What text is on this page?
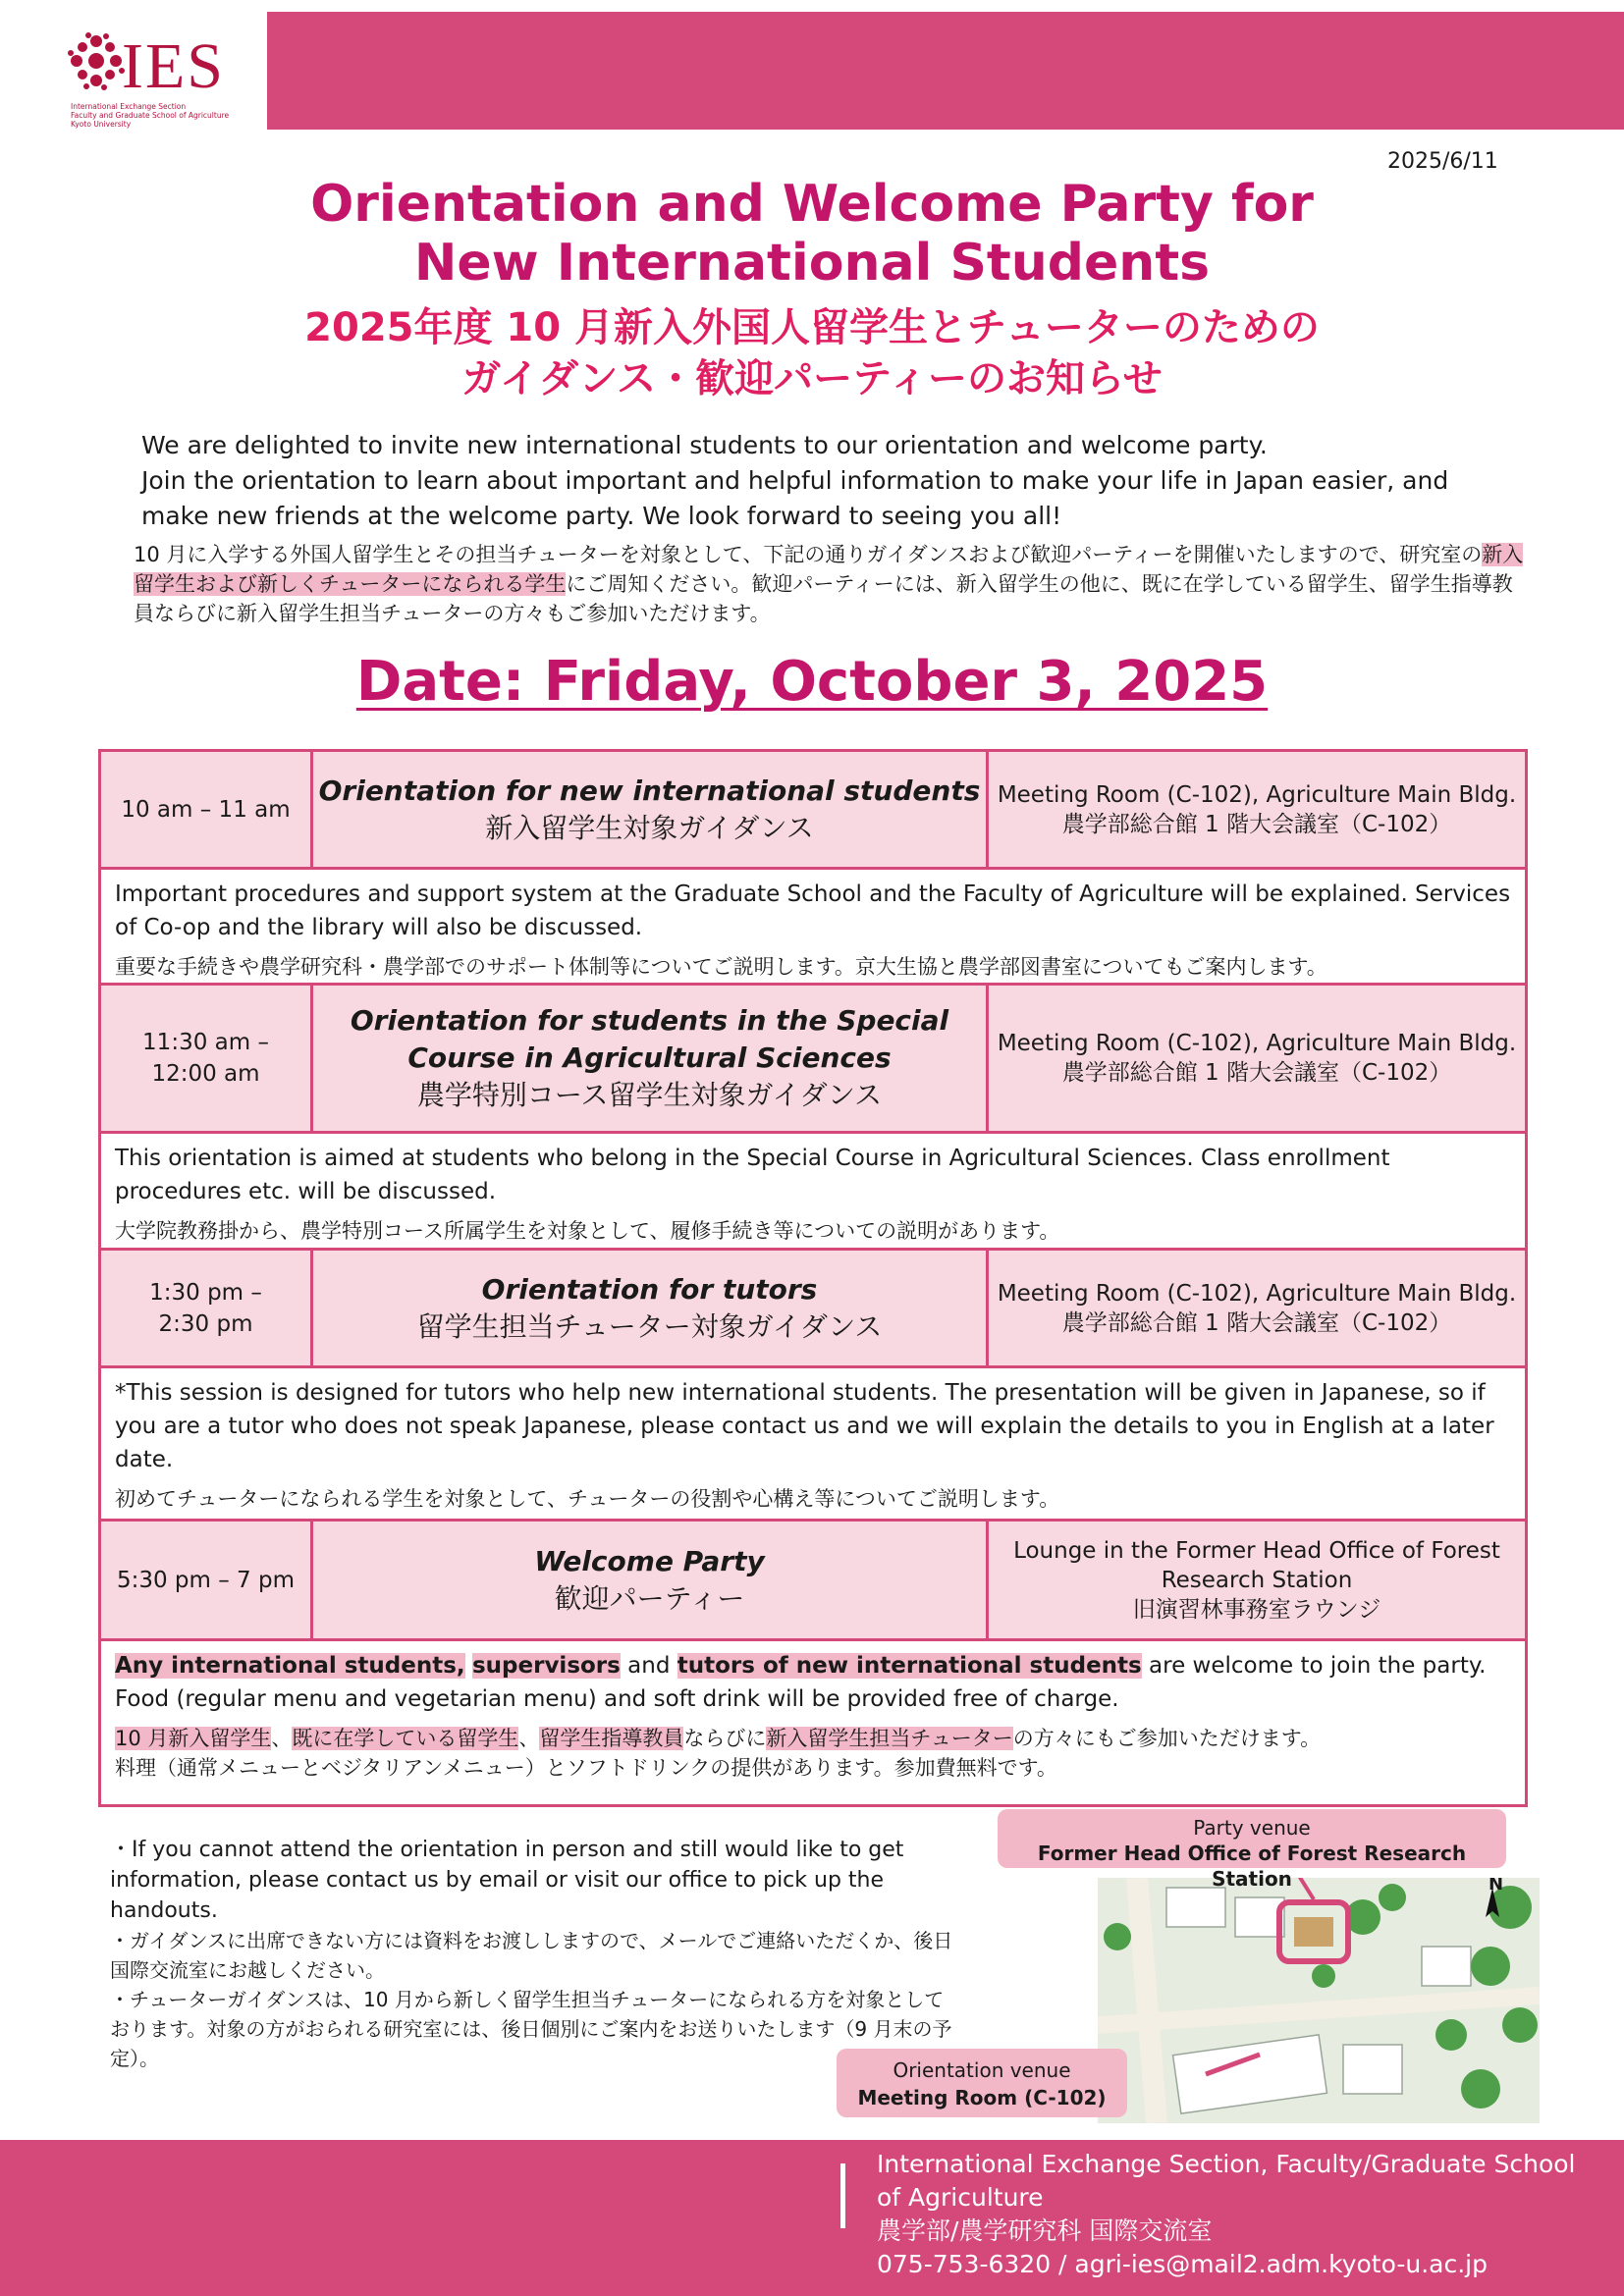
IES
International Exchange Section
Faculty and Graduate School of Agriculture
Kyoto University
2025/6/11
Orientation and Welcome Party for
New International Students
2025年度 10 月新入外国人留学生とチューターのための
ガイダンス・歓迎パーティーのお知らせ
We are delighted to invite new international students to our orientation and welcome party.
Join the orientation to learn about important and helpful information to make your life in Japan easier, and make new friends at the welcome party. We look forward to seeing you all!
10 月に入学する外国人留学生とその担当チューターを対象として、下記の通りガイダンスおよび歓迎パーティーを開催いたしますので、研究室の新入留学生および新しくチューターになられる学生にご周知ください。歓迎パーティーには、新入留学生の他に、既に在学している留学生、留学生指導教員ならびに新入留学生担当チューターの方々もご参加いただけます。
Date: Friday, October 3, 2025
10 am – 11 am
Orientation for new international students
新入留学生対象ガイダンス
Meeting Room (C-102), Agriculture Main Bldg.
農学部総合館 1 階大会議室（C-102）
Important procedures and support system at the Graduate School and the Faculty of Agriculture will be explained. Services of Co-op and the library will also be discussed.
重要な手続きや農学研究科・農学部でのサポート体制等についてご説明します。京大生協と農学部図書室についてもご案内します。
11:30 am –
12:00 am
Orientation for students in the Special
Course in Agricultural Sciences
農学特別コース留学生対象ガイダンス
Meeting Room (C-102), Agriculture Main Bldg.
農学部総合館 1 階大会議室（C-102）
This orientation is aimed at students who belong in the Special Course in Agricultural Sciences. Class enrollment procedures etc. will be discussed.
大学院教務掛から、農学特別コース所属学生を対象として、履修手続き等についての説明があります。
1:30 pm –
2:30 pm
Orientation for tutors
留学生担当チューター対象ガイダンス
Meeting Room (C-102), Agriculture Main Bldg.
農学部総合館 1 階大会議室（C-102）
*This session is designed for tutors who help new international students. The presentation will be given in Japanese, so if you are a tutor who does not speak Japanese, please contact us and we will explain the details to you in English at a later date.
初めてチューターになられる学生を対象として、チューターの役割や心構え等についてご説明します。
5:30 pm – 7 pm
Welcome Party
歓迎パーティー
Lounge in the Former Head Office of Forest
Research Station
旧演習林事務室ラウンジ
Any international students, supervisors and tutors of new international students are welcome to join the party. Food (regular menu and vegetarian menu) and soft drink will be provided free of charge.
10 月新入留学生、既に在学している留学生、留学生指導教員ならびに新入留学生担当チューターの方々にもご参加いただけます。
料理（通常メニューとベジタリアンメニュー）とソフトドリンクの提供があります。参加費無料です。
・If you cannot attend the orientation in person and still would like to get information, please contact us by email or visit our office to pick up the handouts.
・ガイダンスに出席できない方には資料をお渡ししますので、メールでご連絡いただくか、後日国際交流室にお越しください。
・チューターガイダンスは、10 月から新しく留学生担当チューターになられる方を対象としております。対象の方がおられる研究室には、後日個別にご案内をお送りいたします（9 月末の予定）。
N
Party venue
Former Head Office of Forest Research Station
Orientation venue
Meeting Room (C-102)
International Exchange Section, Faculty/Graduate School of Agriculture
農学部/農学研究科 国際交流室
075-753-6320 / agri-ies@mail2.adm.kyoto-u.ac.jp
